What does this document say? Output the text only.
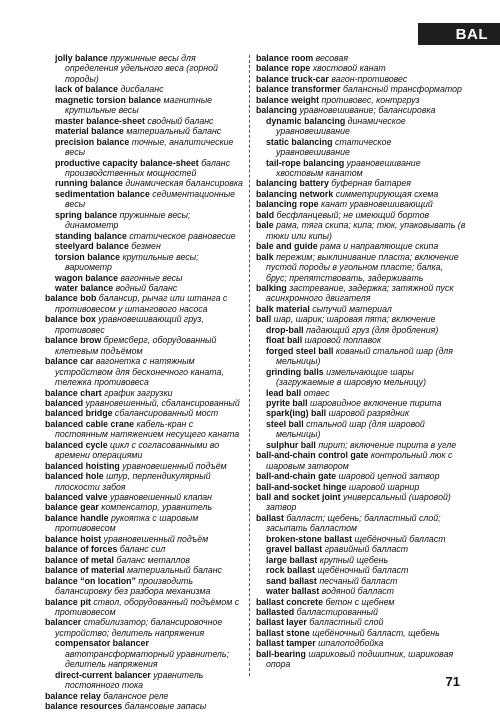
BAL
jolly balance пружинные весы для определения удельного веса (горной породы)
lack of balance дисбаланс
magnetic torsion balance магнитные крутильные весы
master balance-sheet сводный баланс
material balance материальный баланс
precision balance точные, аналитические весы
productive capacity balance-sheet баланс производственных мощностей
running balance динамическая балансировка
sedimentation balance седиментационные весы
spring balance пружинные весы; динамометр
standing balance статическое равновесие
steelyard balance безмен
torsion balance крутильные весы; вариометр
wagon balance вагонные весы
water balance водный баланс
balance bob балансир, рычаг или штанга с противовесом у штангового насоса
balance box уравновешивающий груз, противовес
balance brow бремсберг, оборудованный клетевым подъёмом
balance car вагонетка с натяжным устройством для бесконечного каната, тележка противовеса
balance chart график загрузки
balanced уравновешенный, сбалансированный
balanced bridge сбалансированный мост
balanced cable crane кабель-кран с постоянным натяжением несущего каната
balanced cycle цикл с согласованными во времени операциями
balanced hoisting уравновешенный подъём
balanced hole шпур, перпендикулярный плоскости забоя
balanced valve уравновешенный клапан
balance gear компенсатор, уравнитель
balance handle рукоятка с шаровым противовесом
balance hoist уравновешенный подъём
balance of forces баланс сил
balance of metal баланс металлов
balance of material материальный баланс
balance “on location” производить балансировку без разбора механизма
balance pit ствол, оборудованный подъёмом с противовесом
balancer стабилизатор; балансировочное устройство; делитель напряжения
compensator balancer автотрансформаторный уравнитель; делитель напряжения
direct-current balancer уравнитель постоянного тока
balance relay балансное реле
balance resources балансовые запасы
balance room весовая
balance rope хвостовой канат
balance truck-car вагон-противовес
balance transformer балансный трансформатор
balance weight противовес, контргруз
balancing уравновешивание; балансировка
dynamic balancing динамическое уравновешивание
static balancing статическое уравновешивание
tail-rope balancing уравновешивание хвостовым канатом
balancing battery буферная батарея
balancing network симметрирующая схема
balancing rope канат уравновешивающий
bald бесфланцевый; не имеющий бортов
bale рама, тяга скипа; кипа; тюк, упаковывать (в тюки или кипы)
bale and guide рама и направляющие скипа
balk пережим; выклинивание пласта; включение пустой породы в угольном пласте; балка, брус; препятствовать, задерживать
balking застревание, задержка; затяжной пуск асинхронного двигателя
balk material сыпучий материал
ball шар, шарик; шаровая пята; включение
drop-ball падающий груз (для дробления)
float ball шаровой поплавок
forged steel ball кованый стальной шар (для мельницы)
grinding balls измельчающие шары (загружаемые в шаровую мельницу)
lead ball отвес
pyrite ball шаровидное включение пирита
spark(ing) ball шаровой разрядник
steel ball стальной шар (для шаровой мельницы)
sulphur ball пирит; включение пирита в угле
ball-and-chain control gate контрольный люк с шаровым затвором
ball-and-chain gate шаровой цепной затвор
ball-and-socket hinge шаровой шарнир
ball and socket joint универсальный (шаровой) затвор
ballast балласт; щебень; балластный слой; засыпать балластом
broken-stone ballast щебёночный балласт
gravel ballast гравийный балласт
large ballast крупный щебень
rock ballast щебёночный балласт
sand ballast песчаный балласт
water ballast водяной балласт
ballast concrete бетон с щебнем
ballasted балластированный
ballast layer балластный слой
ballast stone щебёночный балласт, щебень
ballast tamper шпалоподбойка
ball-bearing шариковый подшипник, шариковая опора
71
